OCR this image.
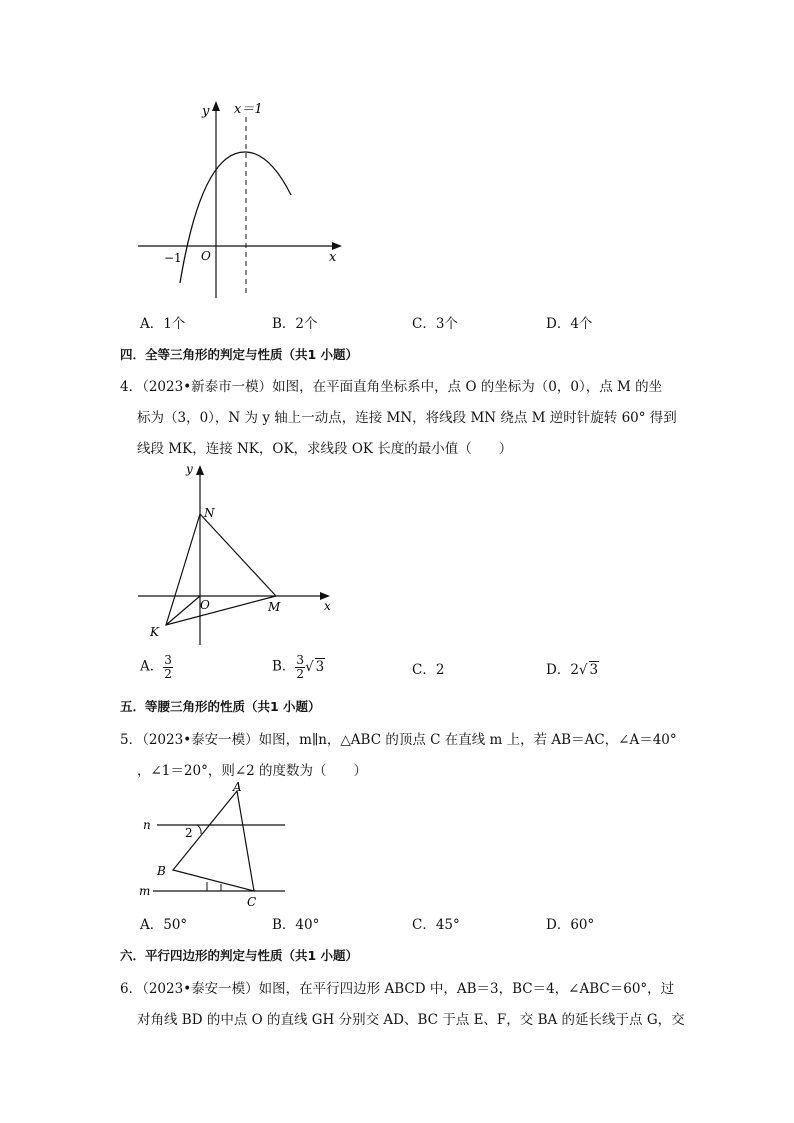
y x＝1
O
−1	x
A．1个	B．2个	C．3个	D．4个
四．全等三角形的判定与性质（共1 小题）
4．（2023•新泰市一模）如图，在平面直角坐标系中，点 O 的坐标为（0，0），点 M 的坐
标为（3，0），N 为 y 轴上一动点，连接 MN，将线段 MN 绕点 M 逆时针旋转 60° 得到
线段 MK，连接 NK，OK，求线段 OK 长度的最小值（　　）
y
N
O	M
K
x
A． $\frac{3}{2}$	B． $\frac{3}{2}$ √ 3	C．2	D．2√ 3
五．等腰三角形的性质（共1 小题）
5．（2023•泰安一模）如图，m∥n，△ABC 的顶点 C 在直线 m 上，若 AB＝AC，∠A＝40°
，∠1＝20°，则∠2 的度数为（　　）
A
n
2
B
m
C
A．50°	B．40°	C．45°	D．60°
六．平行四边形的判定与性质（共1 小题）
6．（2023•泰安一模）如图，在平行四边形 ABCD 中，AB＝3，BC＝4，∠ABC＝60°，过
对角线 BD 的中点 O 的直线 GH 分别交 AD、BC 于点 E、F，交 BA 的延长线于点 G，交
